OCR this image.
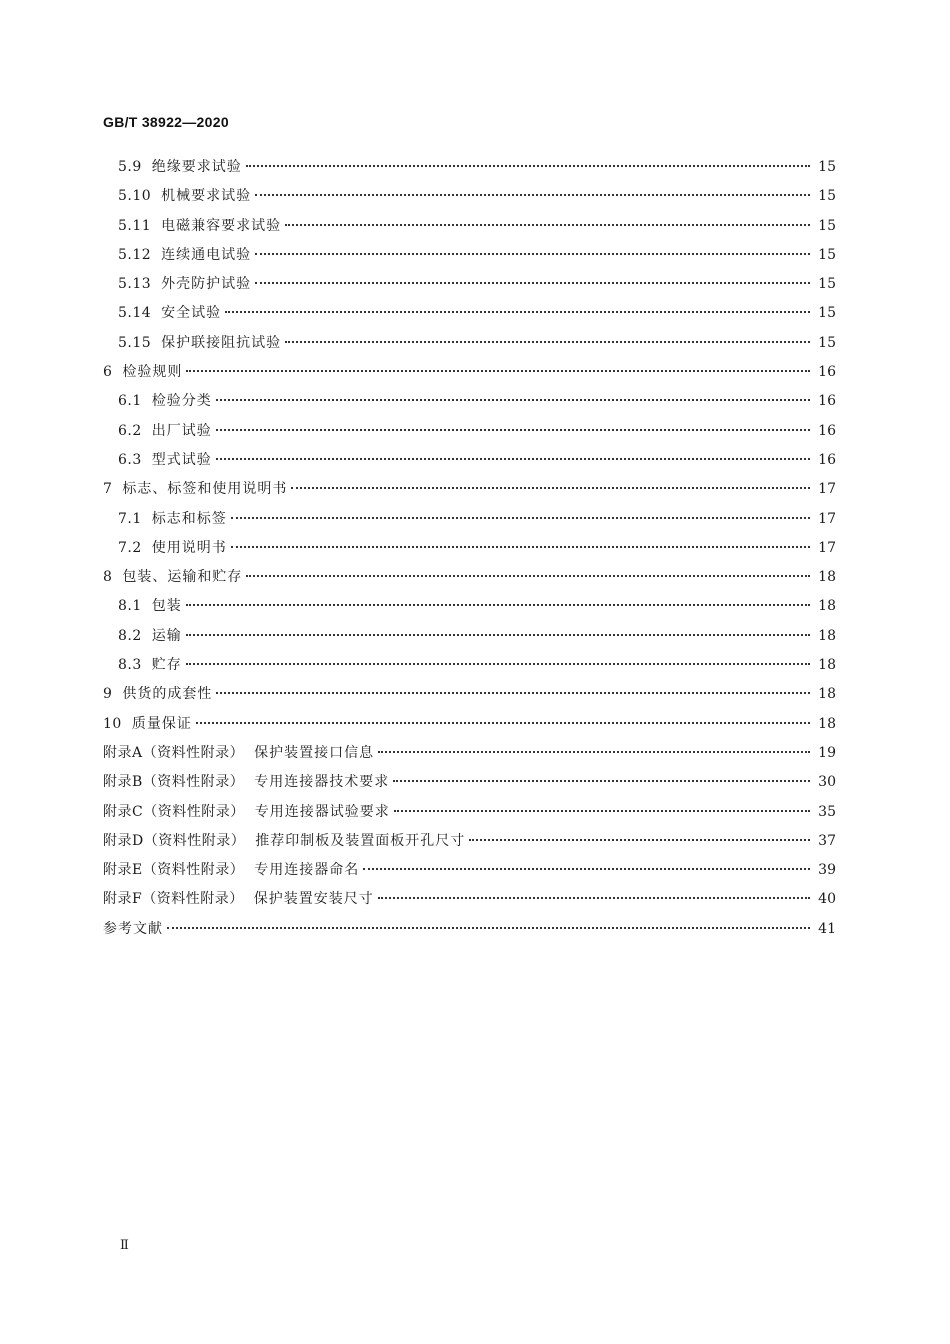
GB/T 38922—2020
5.9 绝缘要求试验	15
5.10 机械要求试验	15
5.11 电磁兼容要求试验	15
5.12 连续通电试验	15
5.13 外壳防护试验	15
5.14 安全试验	15
5.15 保护联接阻抗试验	15
6 检验规则	16
6.1 检验分类	16
6.2 出厂试验	16
6.3 型式试验	16
7 标志、标签和使用说明书	17
7.1 标志和标签	17
7.2 使用说明书	17
8 包装、运输和贮存	18
8.1 包装	18
8.2 运输	18
8.3 贮存	18
9 供货的成套性	18
10 质量保证	18
附录A（资料性附录） 保护装置接口信息	19
附录B（资料性附录） 专用连接器技术要求	30
附录C（资料性附录） 专用连接器试验要求	35
附录D（资料性附录） 推荐印制板及装置面板开孔尺寸	37
附录E（资料性附录） 专用连接器命名	39
附录F（资料性附录） 保护装置安装尺寸	40
参考文献	41
Ⅱ
